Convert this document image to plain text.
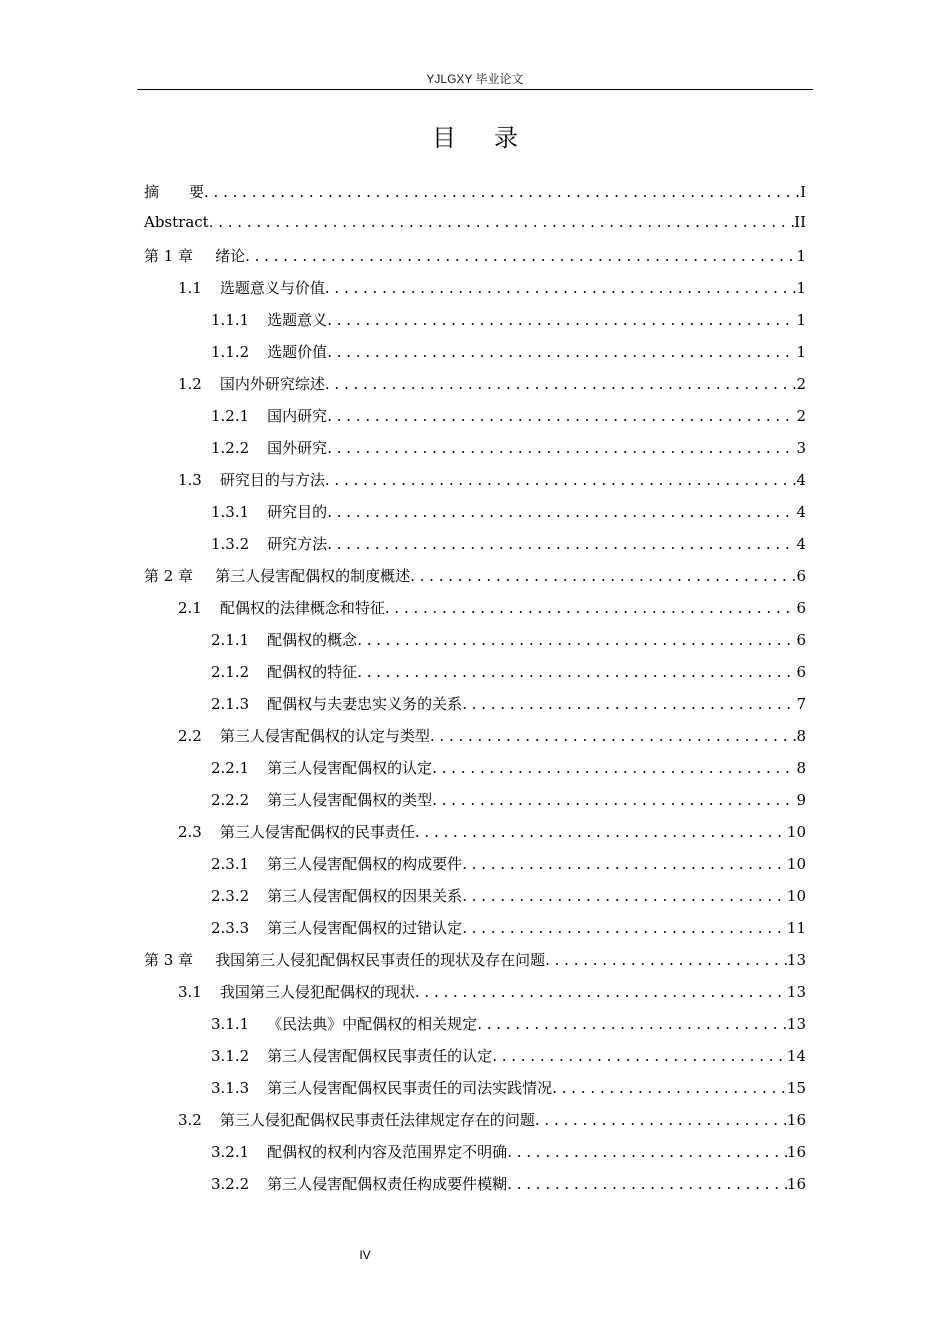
YJLGXY 毕业论文
目录
摘　　要 . . .	I
Abstract . . .	II
第 1 章 绪论 . . .	1
1.1 选题意义与价值 . . .	1
1.1.1 选题意义 . . .	1
1.1.2 选题价值 . . .	1
1.2 国内外研究综述 . . .	2
1.2.1 国内研究 . . .	2
1.2.2 国外研究 . . .	3
1.3 研究目的与方法 . . .	4
1.3.1 研究目的 . . .	4
1.3.2 研究方法 . . .	4
第 2 章 第三人侵害配偶权的制度概述 . . .	6
2.1 配偶权的法律概念和特征 . . .	6
2.1.1 配偶权的概念 . . .	6
2.1.2 配偶权的特征 . . .	6
2.1.3 配偶权与夫妻忠实义务的关系 . . .	7
2.2 第三人侵害配偶权的认定与类型 . . .	8
2.2.1 第三人侵害配偶权的认定 . . .	8
2.2.2 第三人侵害配偶权的类型 . . .	9
2.3 第三人侵害配偶权的民事责任 . . .	10
2.3.1 第三人侵害配偶权的构成要件 . . .	10
2.3.2 第三人侵害配偶权的因果关系 . . .	10
2.3.3 第三人侵害配偶权的过错认定 . . .	11
第 3 章 我国第三人侵犯配偶权民事责任的现状及存在问题 . . .	13
3.1 我国第三人侵犯配偶权的现状 . . .	13
3.1.1 《民法典》中配偶权的相关规定 . . .	13
3.1.2 第三人侵害配偶权民事责任的认定 . . .	14
3.1.3 第三人侵害配偶权民事责任的司法实践情况 . . .	15
3.2 第三人侵犯配偶权民事责任法律规定存在的问题 . . .	16
3.2.1 配偶权的权利内容及范围界定不明确 . . .	16
3.2.2 第三人侵害配偶权责任构成要件模糊 . . .	16
IV
